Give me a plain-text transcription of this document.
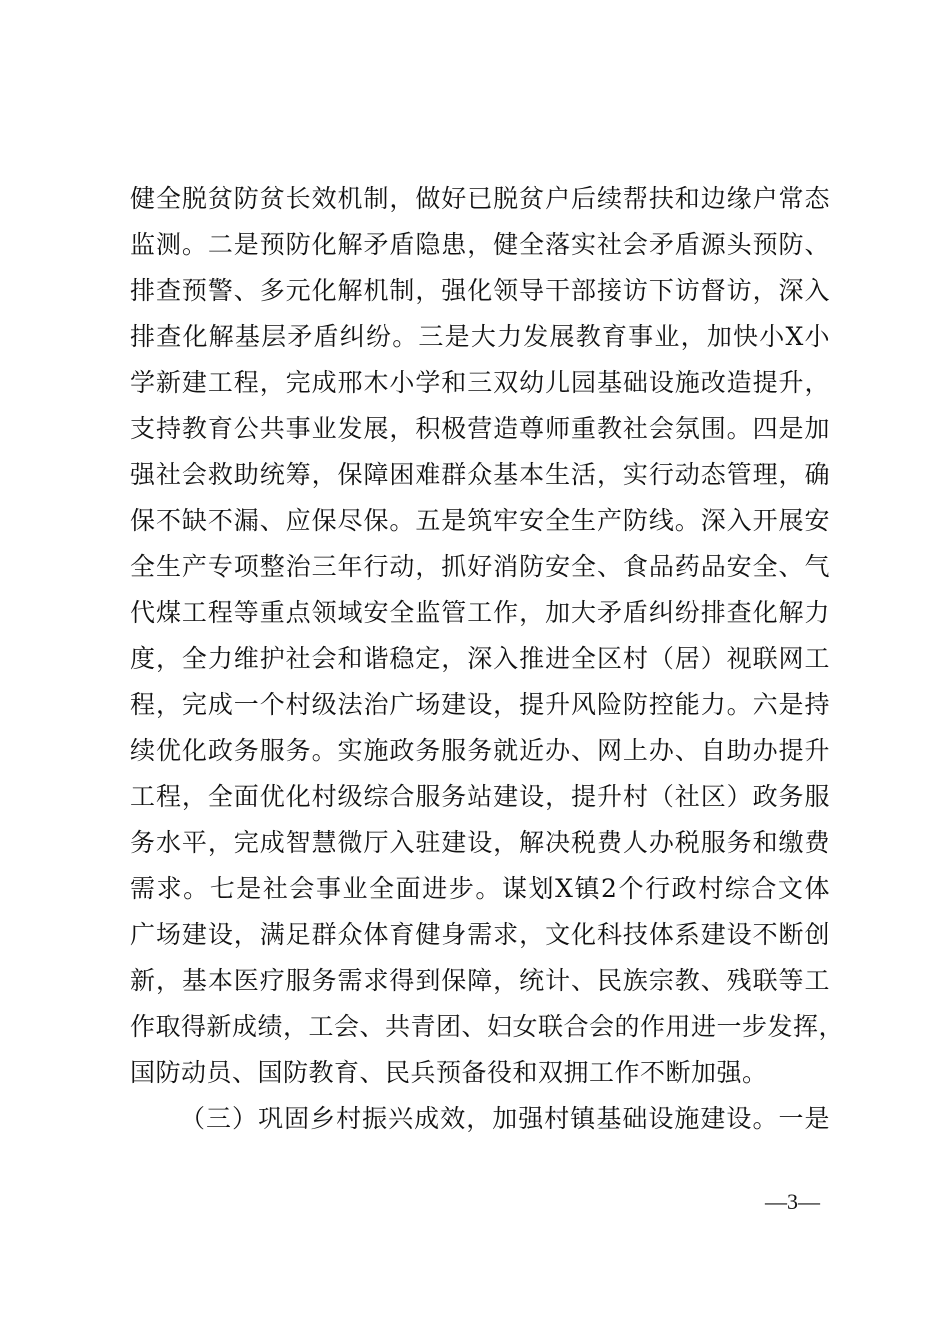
健全脱贫防贫长效机制，做好已脱贫户后续帮扶和边缘户常态
监测。二是预防化解矛盾隐患，健全落实社会矛盾源头预防、
排查预警、多元化解机制，强化领导干部接访下访督访，深入
排查化解基层矛盾纠纷。三是大力发展教育事业，加快小X小
学新建工程，完成邢木小学和三双幼儿园基础设施改造提升，
支持教育公共事业发展，积极营造尊师重教社会氛围。四是加
强社会救助统筹，保障困难群众基本生活，实行动态管理，确
保不缺不漏、应保尽保。五是筑牢安全生产防线。深入开展安
全生产专项整治三年行动，抓好消防安全、食品药品安全、气
代煤工程等重点领域安全监管工作，加大矛盾纠纷排查化解力
度，全力维护社会和谐稳定，深入推进全区村（居）视联网工
程，完成一个村级法治广场建设，提升风险防控能力。六是持
续优化政务服务。实施政务服务就近办、网上办、自助办提升
工程，全面优化村级综合服务站建设，提升村（社区）政务服
务水平，完成智慧微厅入驻建设，解决税费人办税服务和缴费
需求。七是社会事业全面进步。谋划X镇2个行政村综合文体
广场建设，满足群众体育健身需求，文化科技体系建设不断创
新，基本医疗服务需求得到保障，统计、民族宗教、残联等工
作取得新成绩，工会、共青团、妇女联合会的作用进一步发挥，
国防动员、国防教育、民兵预备役和双拥工作不断加强。
（三）巩固乡村振兴成效，加强村镇基础设施建设。一是
—3—
